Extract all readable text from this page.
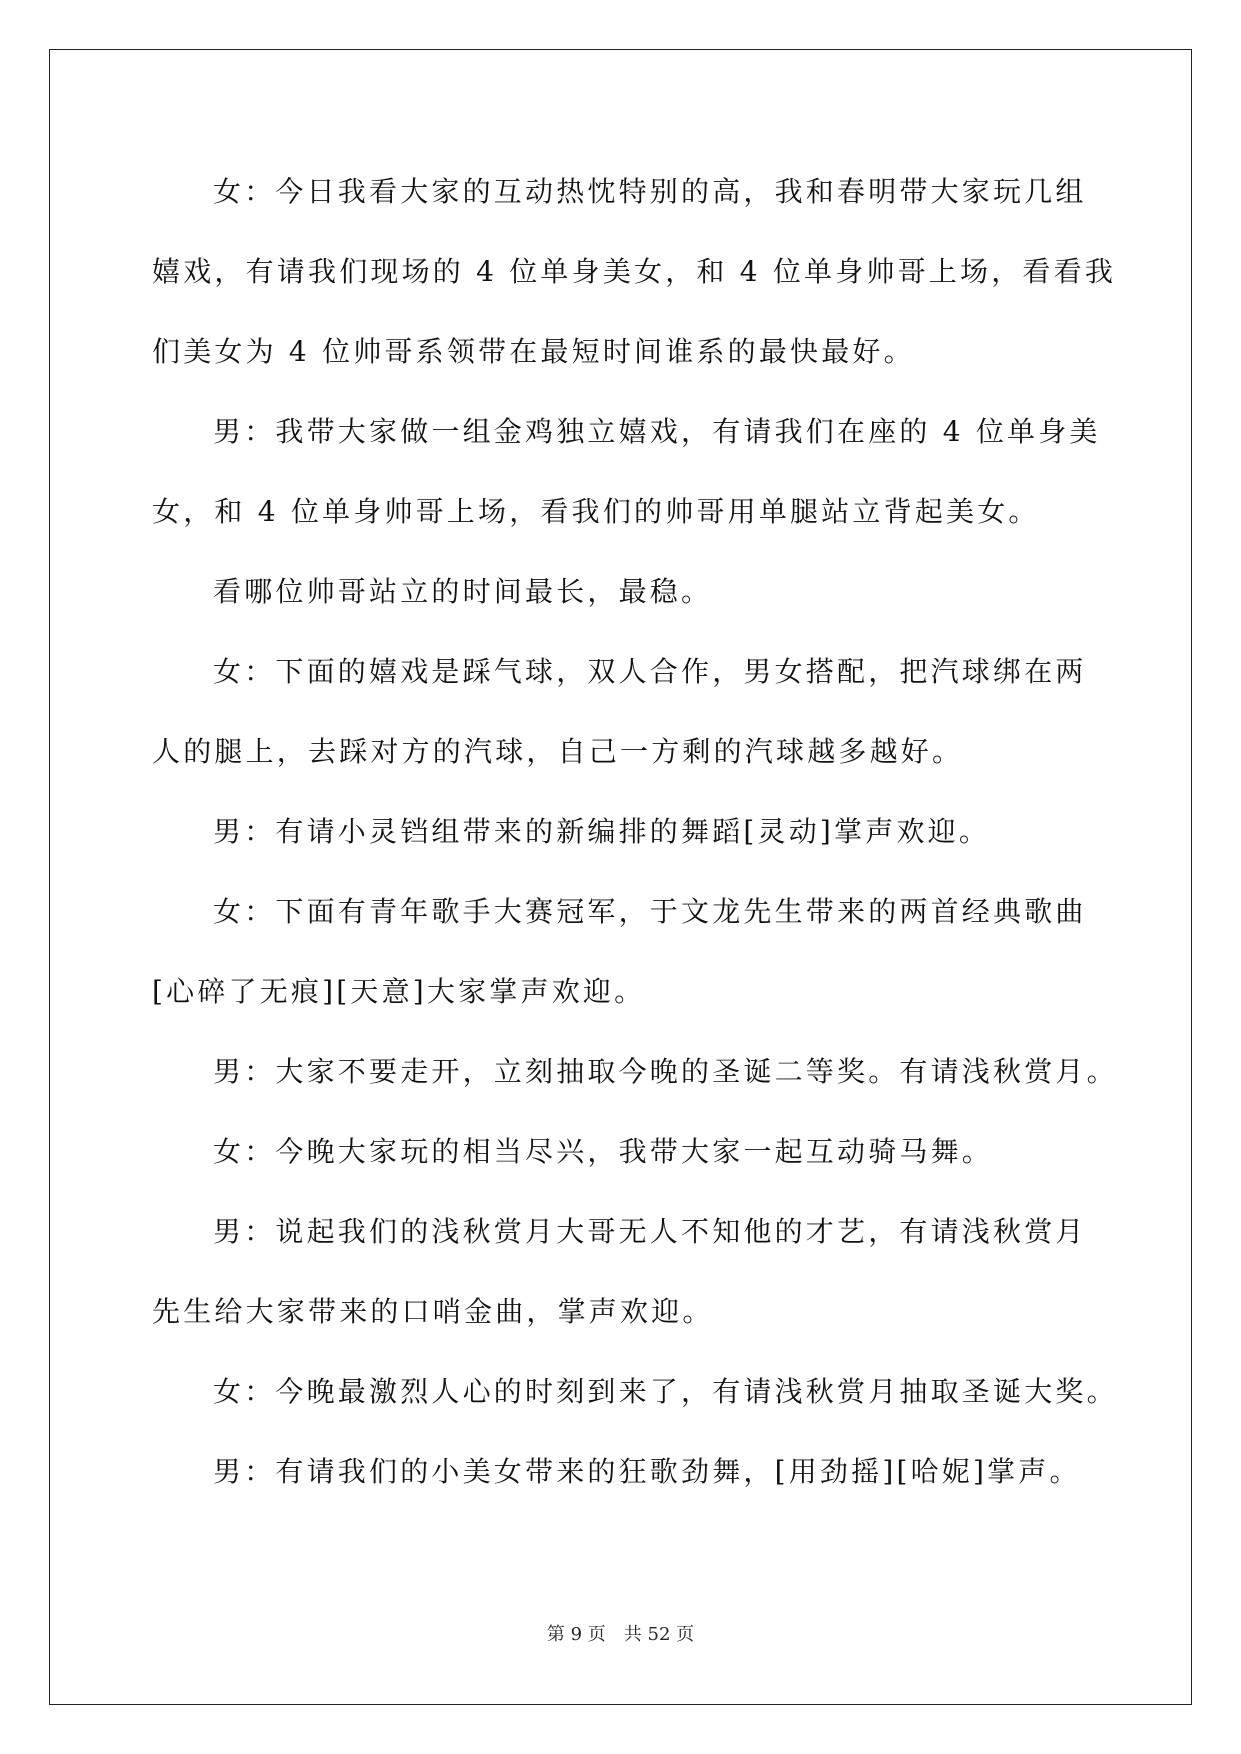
女：今日我看大家的互动热忱特别的高，我和春明带大家玩几组
嬉戏，有请我们现场的 4 位单身美女，和 4 位单身帅哥上场，看看我
们美女为 4 位帅哥系领带在最短时间谁系的最快最好。
男：我带大家做一组金鸡独立嬉戏，有请我们在座的 4 位单身美
女，和 4 位单身帅哥上场，看我们的帅哥用单腿站立背起美女。
看哪位帅哥站立的时间最长，最稳。
女：下面的嬉戏是踩气球，双人合作，男女搭配，把汽球绑在两
人的腿上，去踩对方的汽球，自己一方剩的汽球越多越好。
男：有请小灵铛组带来的新编排的舞蹈[灵动]掌声欢迎。
女：下面有青年歌手大赛冠军，于文龙先生带来的两首经典歌曲
[心碎了无痕][天意]大家掌声欢迎。
男：大家不要走开，立刻抽取今晚的圣诞二等奖。有请浅秋赏月。
女：今晚大家玩的相当尽兴，我带大家一起互动骑马舞。
男：说起我们的浅秋赏月大哥无人不知他的才艺，有请浅秋赏月
先生给大家带来的口哨金曲，掌声欢迎。
女：今晚最激烈人心的时刻到来了，有请浅秋赏月抽取圣诞大奖。
男：有请我们的小美女带来的狂歌劲舞，[用劲摇][哈妮]掌声。
第 9 页 共 52 页
